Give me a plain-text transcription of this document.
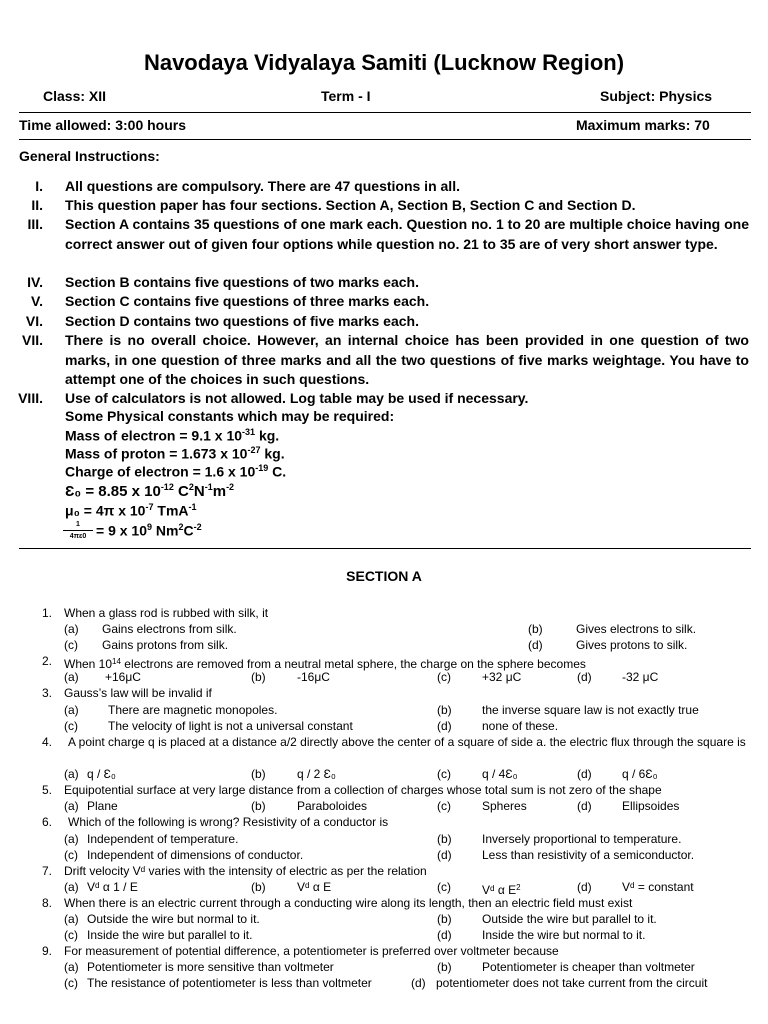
Navodaya Vidyalaya Samiti (Lucknow Region)
Class: XII	Term - I	Subject: Physics
Time allowed: 3:00 hours	Maximum marks: 70
General Instructions:
I. All questions are compulsory. There are 47 questions in all.
II. This question paper has four sections. Section A, Section B, Section C and Section D.
III. Section A contains 35 questions of one mark each. Question no. 1 to 20 are multiple choice having one correct answer out of given four options while question no. 21 to 35 are of very short answer type.
IV. Section B contains five questions of two marks each.
V. Section C contains five questions of three marks each.
VI. Section D contains two questions of five marks each.
VII. There is no overall choice. However, an internal choice has been provided in one question of two marks, in one question of three marks and all the two questions of five marks weightage. You have to attempt one of the choices in such questions.
VIII. Use of calculators is not allowed. Log table may be used if necessary.
Some Physical constants which may be required:
Mass of electron = 9.1 x $10^{-31}$ kg.
Mass of proton = 1.673 x $10^{-27}$ kg.
Charge of electron = 1.6 x $10^{-19}$ C.
Ɛ₀ = 8.85 x $10^{-12}$ $C^2N^{-1}m^{-2}$
μ₀ = 4π x $10^{-7}$ TmA$^{-1}$
$\frac{1}{\text{4πɛ0}} = 9$ x $10^9$ $Nm^2C^{-2}$
SECTION A
1. When a glass rod is rubbed with silk, it
(a) Gains electrons from silk.	(b)	Gives electrons to silk.
(c) Gains protons from silk.	(d)	Gives protons to silk.
2. When $10^{14}$ electrons are removed from a neutral metal sphere, the charge on the sphere becomes
(a) +16μC	(b)	-16μC	(c)	+32 μC	(d)	-32 μC
3. Gauss’s law will be invalid if
(a) There are magnetic monopoles.	(b)	the inverse square law is not exactly true
(c)	The velocity of light is not a universal constant	(d)	none of these.
4. A point charge q is placed at a distance a/2 directly above the center of a square of side a. the electric flux through the square is
(a) q / Ɛ₀	(b)	q / 2 Ɛ₀	(c)	q / 4Ɛ₀	(d)	q / 6Ɛ₀
5. Equipotential surface at very large distance from a collection of charges whose total sum is not zero of the shape
(a) Plane	(b)	Paraboloides	(c)	Spheres	(d)	Ellipsoides
6. Which of the following is wrong? Resistivity of a conductor is
(a) Independent of temperature.	(b)	Inversely proportional to temperature.
(c) Independent of dimensions of conductor.	(d)	Less than resistivity of a semiconductor.
7. Drift velocity Vᵈ varies with the intensity of electric as per the relation
(a) Vᵈ α 1 / E	(b)	Vᵈ α E	(c)	Vᵈ α $E^2$	(d)	Vᵈ = constant
8. When there is an electric current through a conducting wire along its length, then an electric field must exist
(a) Outside the wire but normal to it.	(b)	Outside the wire but parallel to it.
(c) Inside the wire but parallel to it.	(d)	Inside the wire but normal to it.
9. For measurement of potential difference, a potentiometer is preferred over voltmeter because
(a) Potentiometer is more sensitive than voltmeter	(b)	Potentiometer is cheaper than voltmeter
(c) The resistance of potentiometer is less than voltmeter	(d) potentiometer does not take current from the circuit
